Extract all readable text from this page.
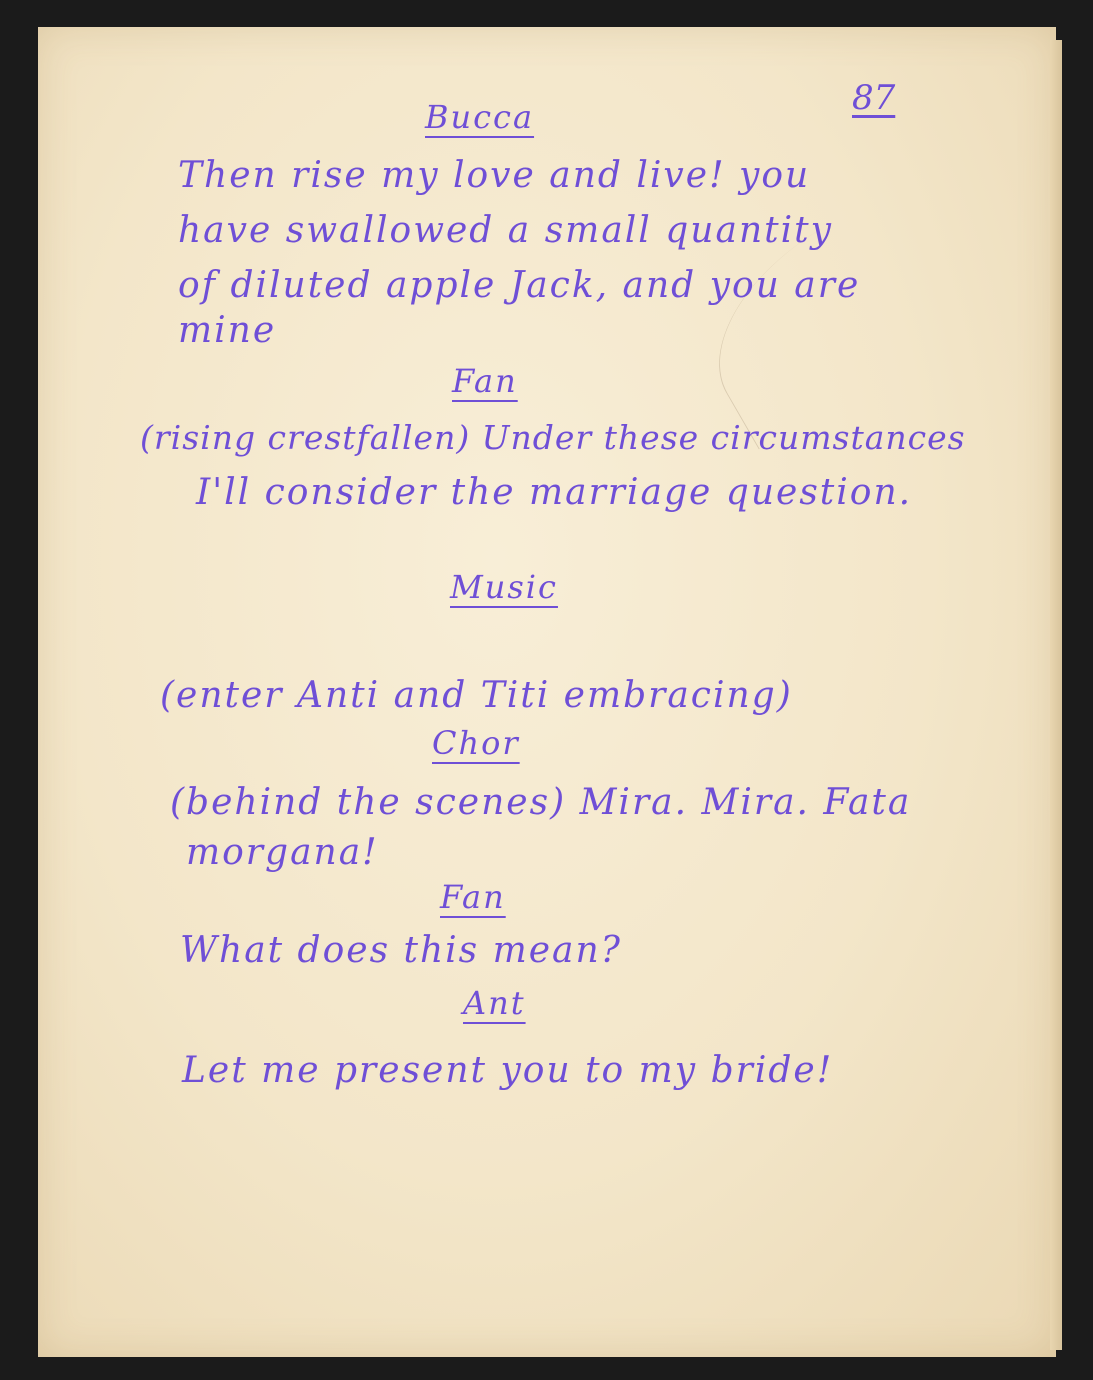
87
Bucca
Then rise my love and live! you
have swallowed a small quantity
of diluted apple Jack, and you are
mine
Fan
(rising crestfallen) Under these circumstances
I'll consider the marriage question.
Music
(enter Anti and Titi embracing)
Chor
(behind the scenes) Mira. Mira. Fata
morgana!
Fan
What does this mean?
Ant
Let me present you to my bride!
